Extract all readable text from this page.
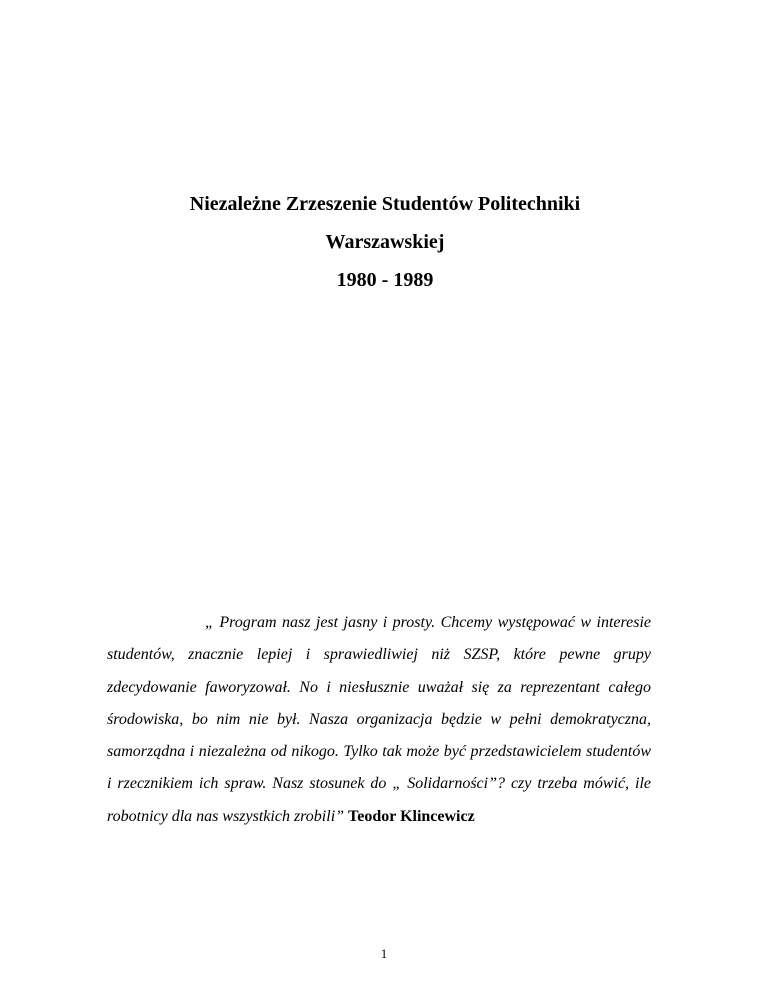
Niezależne Zrzeszenie Studentów Politechniki
Warszawskiej
1980 - 1989

„ Program nasz jest jasny i prosty. Chcemy występować w interesie studentów, znacznie lepiej i sprawiedliwiej niż SZSP, które pewne grupy zdecydowanie faworyzował. No i niesłusznie uważał się za reprezentant całego środowiska, bo nim nie był. Nasza organizacja będzie w pełni demokratyczna, samorządna i niezależna od nikogo. Tylko tak może być przedstawicielem studentów i rzecznikiem ich spraw. Nasz stosunek do „ Solidarności”? czy trzeba mówić, ile robotnicy dla nas wszystkich zrobili” Teodor Klincewicz

1
